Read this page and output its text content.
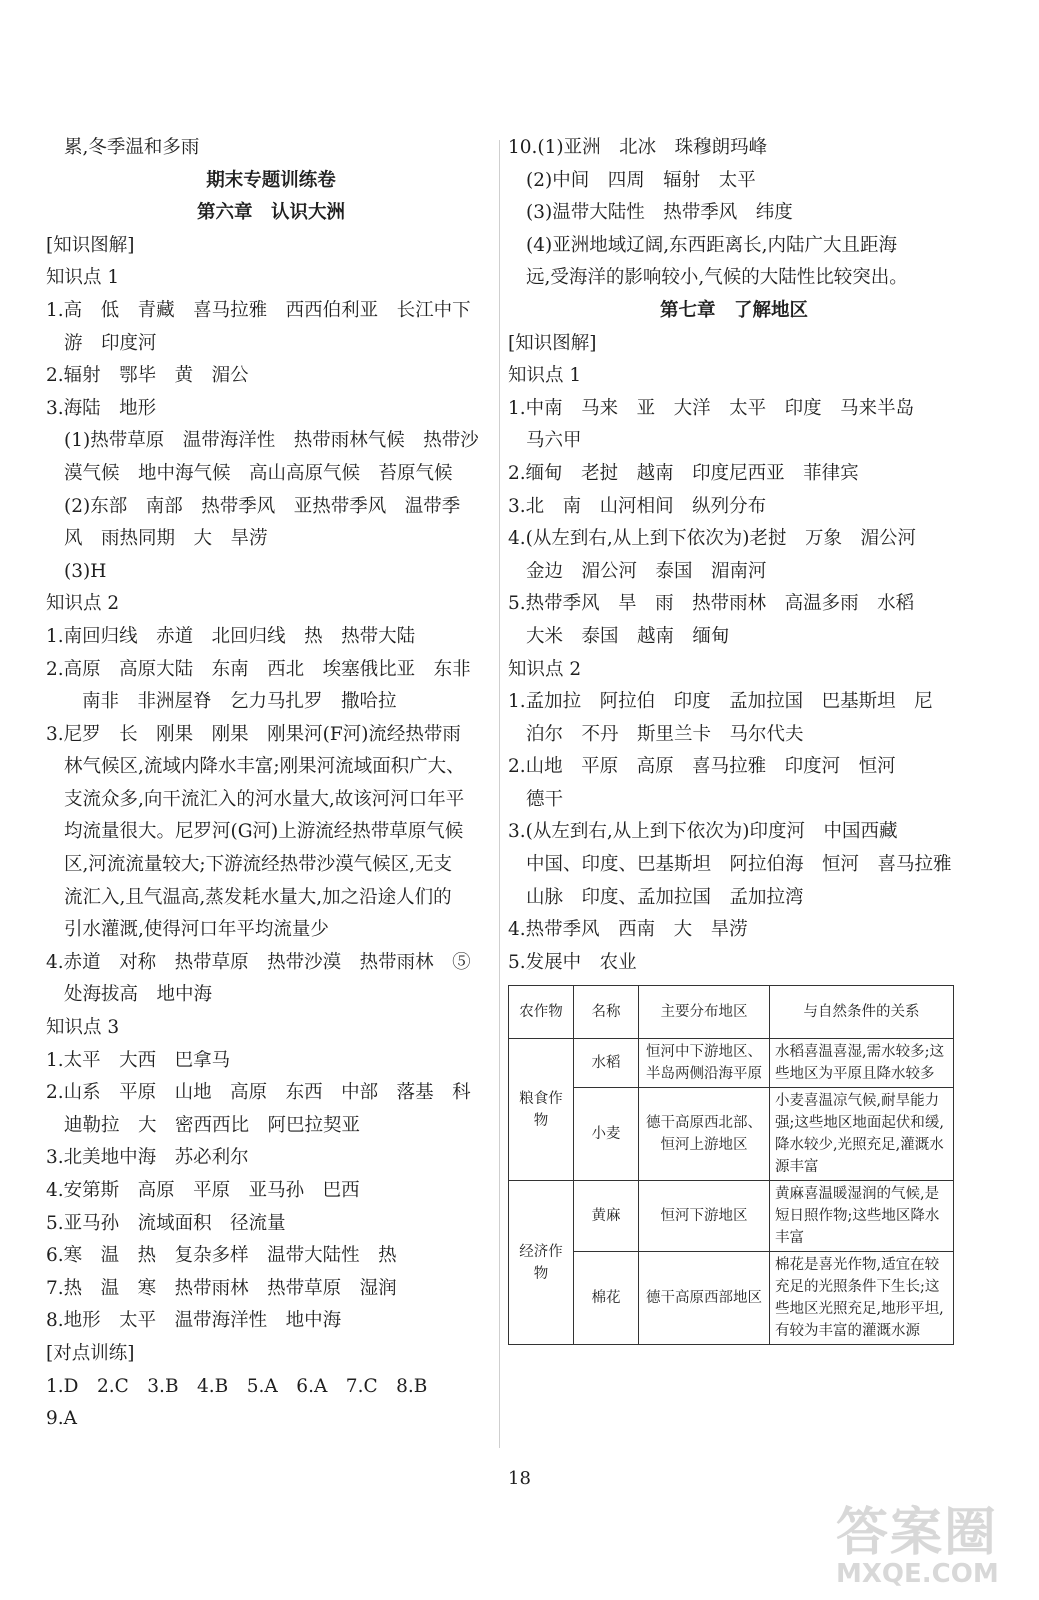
累,冬季温和多雨
期末专题训练卷
第六章　认识大洲
[知识图解]
知识点 1
1.高　低　青藏　喜马拉雅　西西伯利亚　长江中下
游　印度河
2.辐射　鄂毕　黄　湄公
3.海陆　地形
(1)热带草原　温带海洋性　热带雨林气候　热带沙
漠气候　地中海气候　高山高原气候　苔原气候
(2)东部　南部　热带季风　亚热带季风　温带季
风　雨热同期　大　旱涝
(3)H
知识点 2
1.南回归线　赤道　北回归线　热　热带大陆
2.高原　高原大陆　东南　西北　埃塞俄比亚　东非
南非　非洲屋脊　乞力马扎罗　撒哈拉
3.尼罗　长　刚果　刚果　刚果河(F河)流经热带雨
林气候区,流域内降水丰富;刚果河流域面积广大、
支流众多,向干流汇入的河水量大,故该河河口年平
均流量很大。尼罗河(G河)上游流经热带草原气候
区,河流流量较大;下游流经热带沙漠气候区,无支
流汇入,且气温高,蒸发耗水量大,加之沿途人们的
引水灌溉,使得河口年平均流量少
4.赤道　对称　热带草原　热带沙漠　热带雨林　⑤
处海拔高　地中海
知识点 3
1.太平　大西　巴拿马
2.山系　平原　山地　高原　东西　中部　落基　科
迪勒拉　大　密西西比　阿巴拉契亚
3.北美地中海　苏必利尔
4.安第斯　高原　平原　亚马孙　巴西
5.亚马孙　流域面积　径流量
6.寒　温　热　复杂多样　温带大陆性　热
7.热　温　寒　热带雨林　热带草原　湿润
8.地形　太平　温带海洋性　地中海
[对点训练]
1.D　2.C　3.B　4.B　5.A　6.A　7.C　8.B
9.A
10.(1)亚洲　北冰　珠穆朗玛峰
(2)中间　四周　辐射　太平
(3)温带大陆性　热带季风　纬度
(4)亚洲地域辽阔,东西距离长,内陆广大且距海
远,受海洋的影响较小,气候的大陆性比较突出。
第七章　了解地区
[知识图解]
知识点 1
1.中南　马来　亚　大洋　太平　印度　马来半岛
马六甲
2.缅甸　老挝　越南　印度尼西亚　菲律宾
3.北　南　山河相间　纵列分布
4.(从左到右,从上到下依次为)老挝　万象　湄公河
金边　湄公河　泰国　湄南河
5.热带季风　旱　雨　热带雨林　高温多雨　水稻
大米　泰国　越南　缅甸
知识点 2
1.孟加拉　阿拉伯　印度　孟加拉国　巴基斯坦　尼
泊尔　不丹　斯里兰卡　马尔代夫
2.山地　平原　高原　喜马拉雅　印度河　恒河
德干
3.(从左到右,从上到下依次为)印度河　中国西藏
中国、印度、巴基斯坦　阿拉伯海　恒河　喜马拉雅
山脉　印度、孟加拉国　孟加拉湾
4.热带季风　西南　大　旱涝
5.发展中　农业
农作物	名称	主要分布地区	与自然条件的关系
粮食作物	水稻	恒河中下游地区、半岛两侧沿海平原	水稻喜温喜湿,需水较多;这些地区为平原且降水较多
	小麦	德干高原西北部、恒河上游地区	小麦喜温凉气候,耐旱能力强;这些地区地面起伏和缓,降水较少,光照充足,灌溉水源丰富
经济作物	黄麻	恒河下游地区	黄麻喜温暖湿润的气候,是短日照作物;这些地区降水丰富
	棉花	德干高原西部地区	棉花是喜光作物,适宜在较充足的光照条件下生长;这些地区光照充足,地形平坦,有较为丰富的灌溉水源
18
答案圈
MXQE.COM
